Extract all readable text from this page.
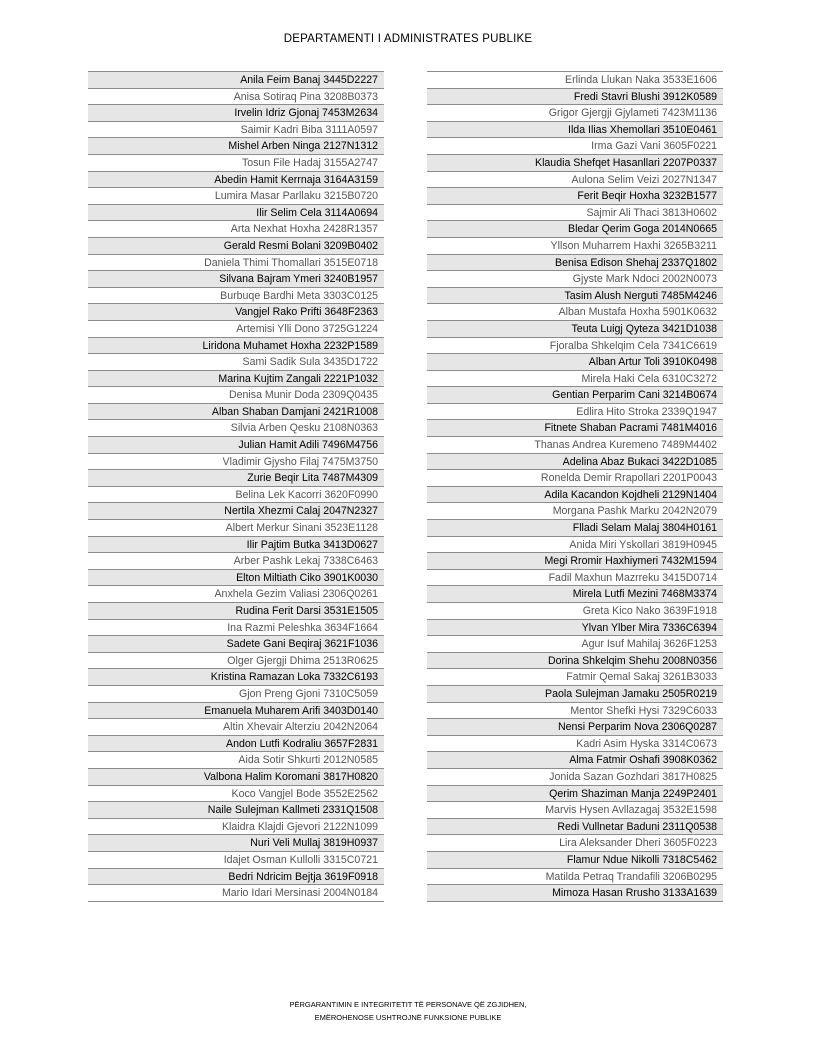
DEPARTAMENTI I ADMINISTRATES PUBLIKE
Anila Feim Banaj 3445D2227
Anisa Sotiraq Pina 3208B0373
Irvelin Idriz Gjonaj 7453M2634
Saimir Kadri Biba 3111A0597
Mishel Arben Ninga 2127N1312
Tosun File Hadaj 3155A2747
Abedin Hamit Kerrnaja 3164A3159
Lumira Masar Parllaku 3215B0720
Ilir Selim Cela 3114A0694
Arta Nexhat Hoxha 2428R1357
Gerald Resmi Bolani 3209B0402
Daniela Thimi Thomallari 3515E0718
Silvana Bajram Ymeri 3240B1957
Burbuqe Bardhi Meta 3303C0125
Vangjel Rako Prifti 3648F2363
Artemisi Ylli Dono 3725G1224
Liridona Muhamet Hoxha 2232P1589
Sami Sadik Sula 3435D1722
Marina Kujtim Zangali 2221P1032
Denisa Munir Doda 2309Q0435
Alban Shaban Damjani 2421R1008
Silvia Arben Qesku 2108N0363
Julian Hamit Adili 7496M4756
Vladimir Gjysho Filaj 7475M3750
Zurie Beqir Lita 7487M4309
Belina Lek Kacorri 3620F0990
Nertila Xhezmi Calaj 2047N2327
Albert Merkur Sinani 3523E1128
Ilir Pajtim Butka 3413D0627
Arber Pashk Lekaj 7338C6463
Elton Miltiath Ciko 3901K0030
Anxhela Gezim Valiasi 2306Q0261
Rudina Ferit Darsi 3531E1505
Ina Razmi Peleshka 3634F1664
Sadete Gani Beqiraj 3621F1036
Olger Gjergji Dhima 2513R0625
Kristina Ramazan Loka 7332C6193
Gjon Preng Gjoni 7310C5059
Emanuela Muharem Arifi 3403D0140
Altin Xhevair Alterziu 2042N2064
Andon Lutfi Kodraliu 3657F2831
Aida Sotir Shkurti 2012N0585
Valbona Halim Koromani 3817H0820
Koco Vangjel Bode 3552E2562
Naile Sulejman Kallmeti 2331Q1508
Klaidra Klajdi Gjevori 2122N1099
Nuri Veli Mullaj 3819H0937
Idajet Osman Kullolli 3315C0721
Bedri Ndricim Bejtja 3619F0918
Mario Idari Mersinasi 2004N0184
Erlinda Llukan Naka 3533E1606
Fredi Stavri Blushi 3912K0589
Grigor Gjergji Gjylameti 7423M1136
Ilda Ilias Xhemollari 3510E0461
Irma Gazi Vani 3605F0221
Klaudia Shefqet Hasanllari 2207P0337
Aulona Selim Veizi 2027N1347
Ferit Beqir Hoxha 3232B1577
Sajmir Ali Thaci 3813H0602
Bledar Qerim Goga 2014N0665
Yllson Muharrem Haxhi 3265B3211
Benisa Edison Shehaj 2337Q1802
Gjyste Mark Ndoci 2002N0073
Tasim Alush Nerguti 7485M4246
Alban Mustafa Hoxha 5901K0632
Teuta Luigj Qyteza 3421D1038
Fjoralba Shkelqim Cela 7341C6619
Alban Artur Toli 3910K0498
Mirela Haki Cela 6310C3272
Gentian Perparim Cani 3214B0674
Edlira Hito Stroka 2339Q1947
Fitnete Shaban Pacrami 7481M4016
Thanas Andrea Kuremeno 7489M4402
Adelina Abaz Bukaci 3422D1085
Ronelda Demir Rrapollari 2201P0043
Adila Kacandon Kojdheli 2129N1404
Morgana Pashk Marku 2042N2079
Flladi Selam Malaj 3804H0161
Anida Miri Yskollari 3819H0945
Megi Rromir Haxhiymeri 7432M1594
Fadil Maxhun Mazrreku 3415D0714
Mirela Lutfi Mezini 7468M3374
Greta Kico Nako 3639F1918
Ylvan Ylber Mira 7336C6394
Agur Isuf Mahilaj 3626F1253
Dorina Shkelqim Shehu 2008N0356
Fatmir Qemal Sakaj 3261B3033
Paola Sulejman Jamaku 2505R0219
Mentor Shefki Hysi 7329C6033
Nensi Perparim Nova 2306Q0287
Kadri Asim Hyska 3314C0673
Alma Fatmir Oshafi 3908K0362
Jonida Sazan Gozhdari 3817H0825
Qerim Shaziman Manja 2249P2401
Marvis Hysen Avllazagaj 3532E1598
Redi Vullnetar Baduni 2311Q0538
Lira Aleksander Dheri 3605F0223
Flamur Ndue Nikolli 7318C5462
Matilda Petraq Trandafili 3206B0295
Mimoza Hasan Rrusho 3133A1639
PËRGARANTIMIN E INTEGRITETIT TË PERSONAVE QË ZGJIDHEN,
EMËROHENOSE USHTROJNË FUNKSIONE PUBLIKE
